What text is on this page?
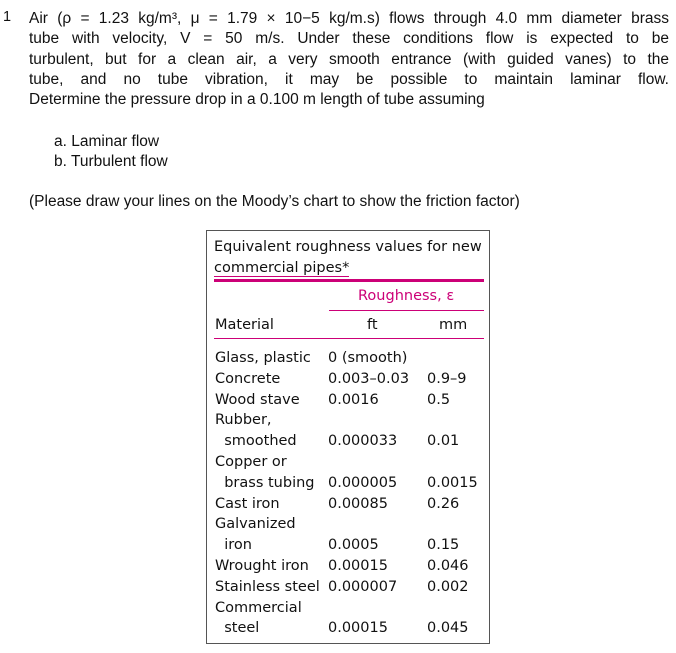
1 Air (ρ = 1.23 kg/m³, μ = 1.79 × 10−5 kg/m.s) flows through 4.0 mm diameter brass
tube with velocity, V = 50 m/s. Under these conditions flow is expected to be
turbulent, but for a clean air, a very smooth entrance (with guided vanes) to the
tube, and no tube vibration, it may be possible to maintain laminar flow.
Determine the pressure drop in a 0.100 m length of tube assuming
a. Laminar flow
b. Turbulent flow
(Please draw your lines on the Moody’s chart to show the friction factor)
Equivalent roughness values for new
commercial pipes*
Roughness, ε
Material	ft	mm
Glass, plastic 0 (smooth)
Concrete	0.003–0.03 0.9–9
Wood stave 0.0016	0.5
Rubber,
smoothed 0.000033 0.01
Copper or
brass tubing 0.000005 0.0015
Cast iron	0.00085	0.26
Galvanized
iron	0.0005	0.15
Wrought iron 0.00015	0.046
Stainless steel 0.000007 0.002
Commercial
steel	0.00015	0.045
